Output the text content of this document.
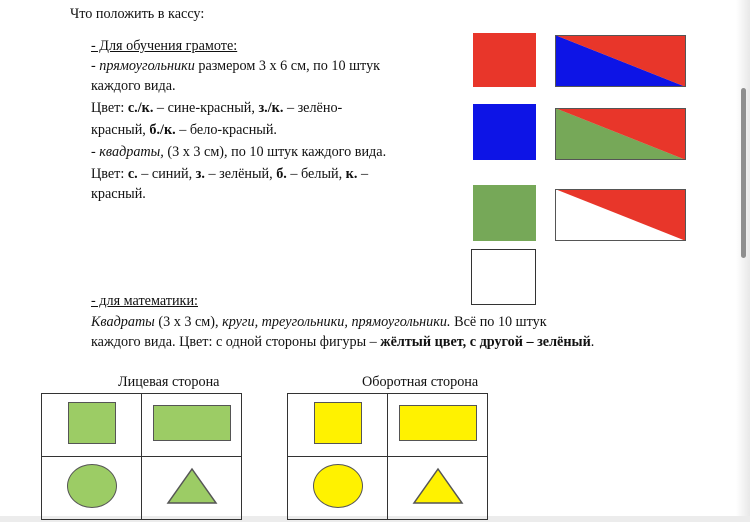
Что положить в кассу:
- Для обучения грамоте:
- прямоугольники размером 3 х 6 см, по 10 штук
каждого вида.
Цвет: с./к. – сине-красный, з./к. – зелёно-
красный, б./к. – бело-красный.
- квадраты, (3 х 3 см), по 10 штук каждого вида.
Цвет: с. – синий, з. – зелёный, б. – белый, к. –
красный.
- для математики:
Квадраты (3 х 3 см), круги, треугольники, прямоугольники. Всё по 10 штук
каждого вида. Цвет: с одной стороны фигуры – жёлтый цвет, с другой – зелёный.
Лицевая сторона	Оборотная сторона
